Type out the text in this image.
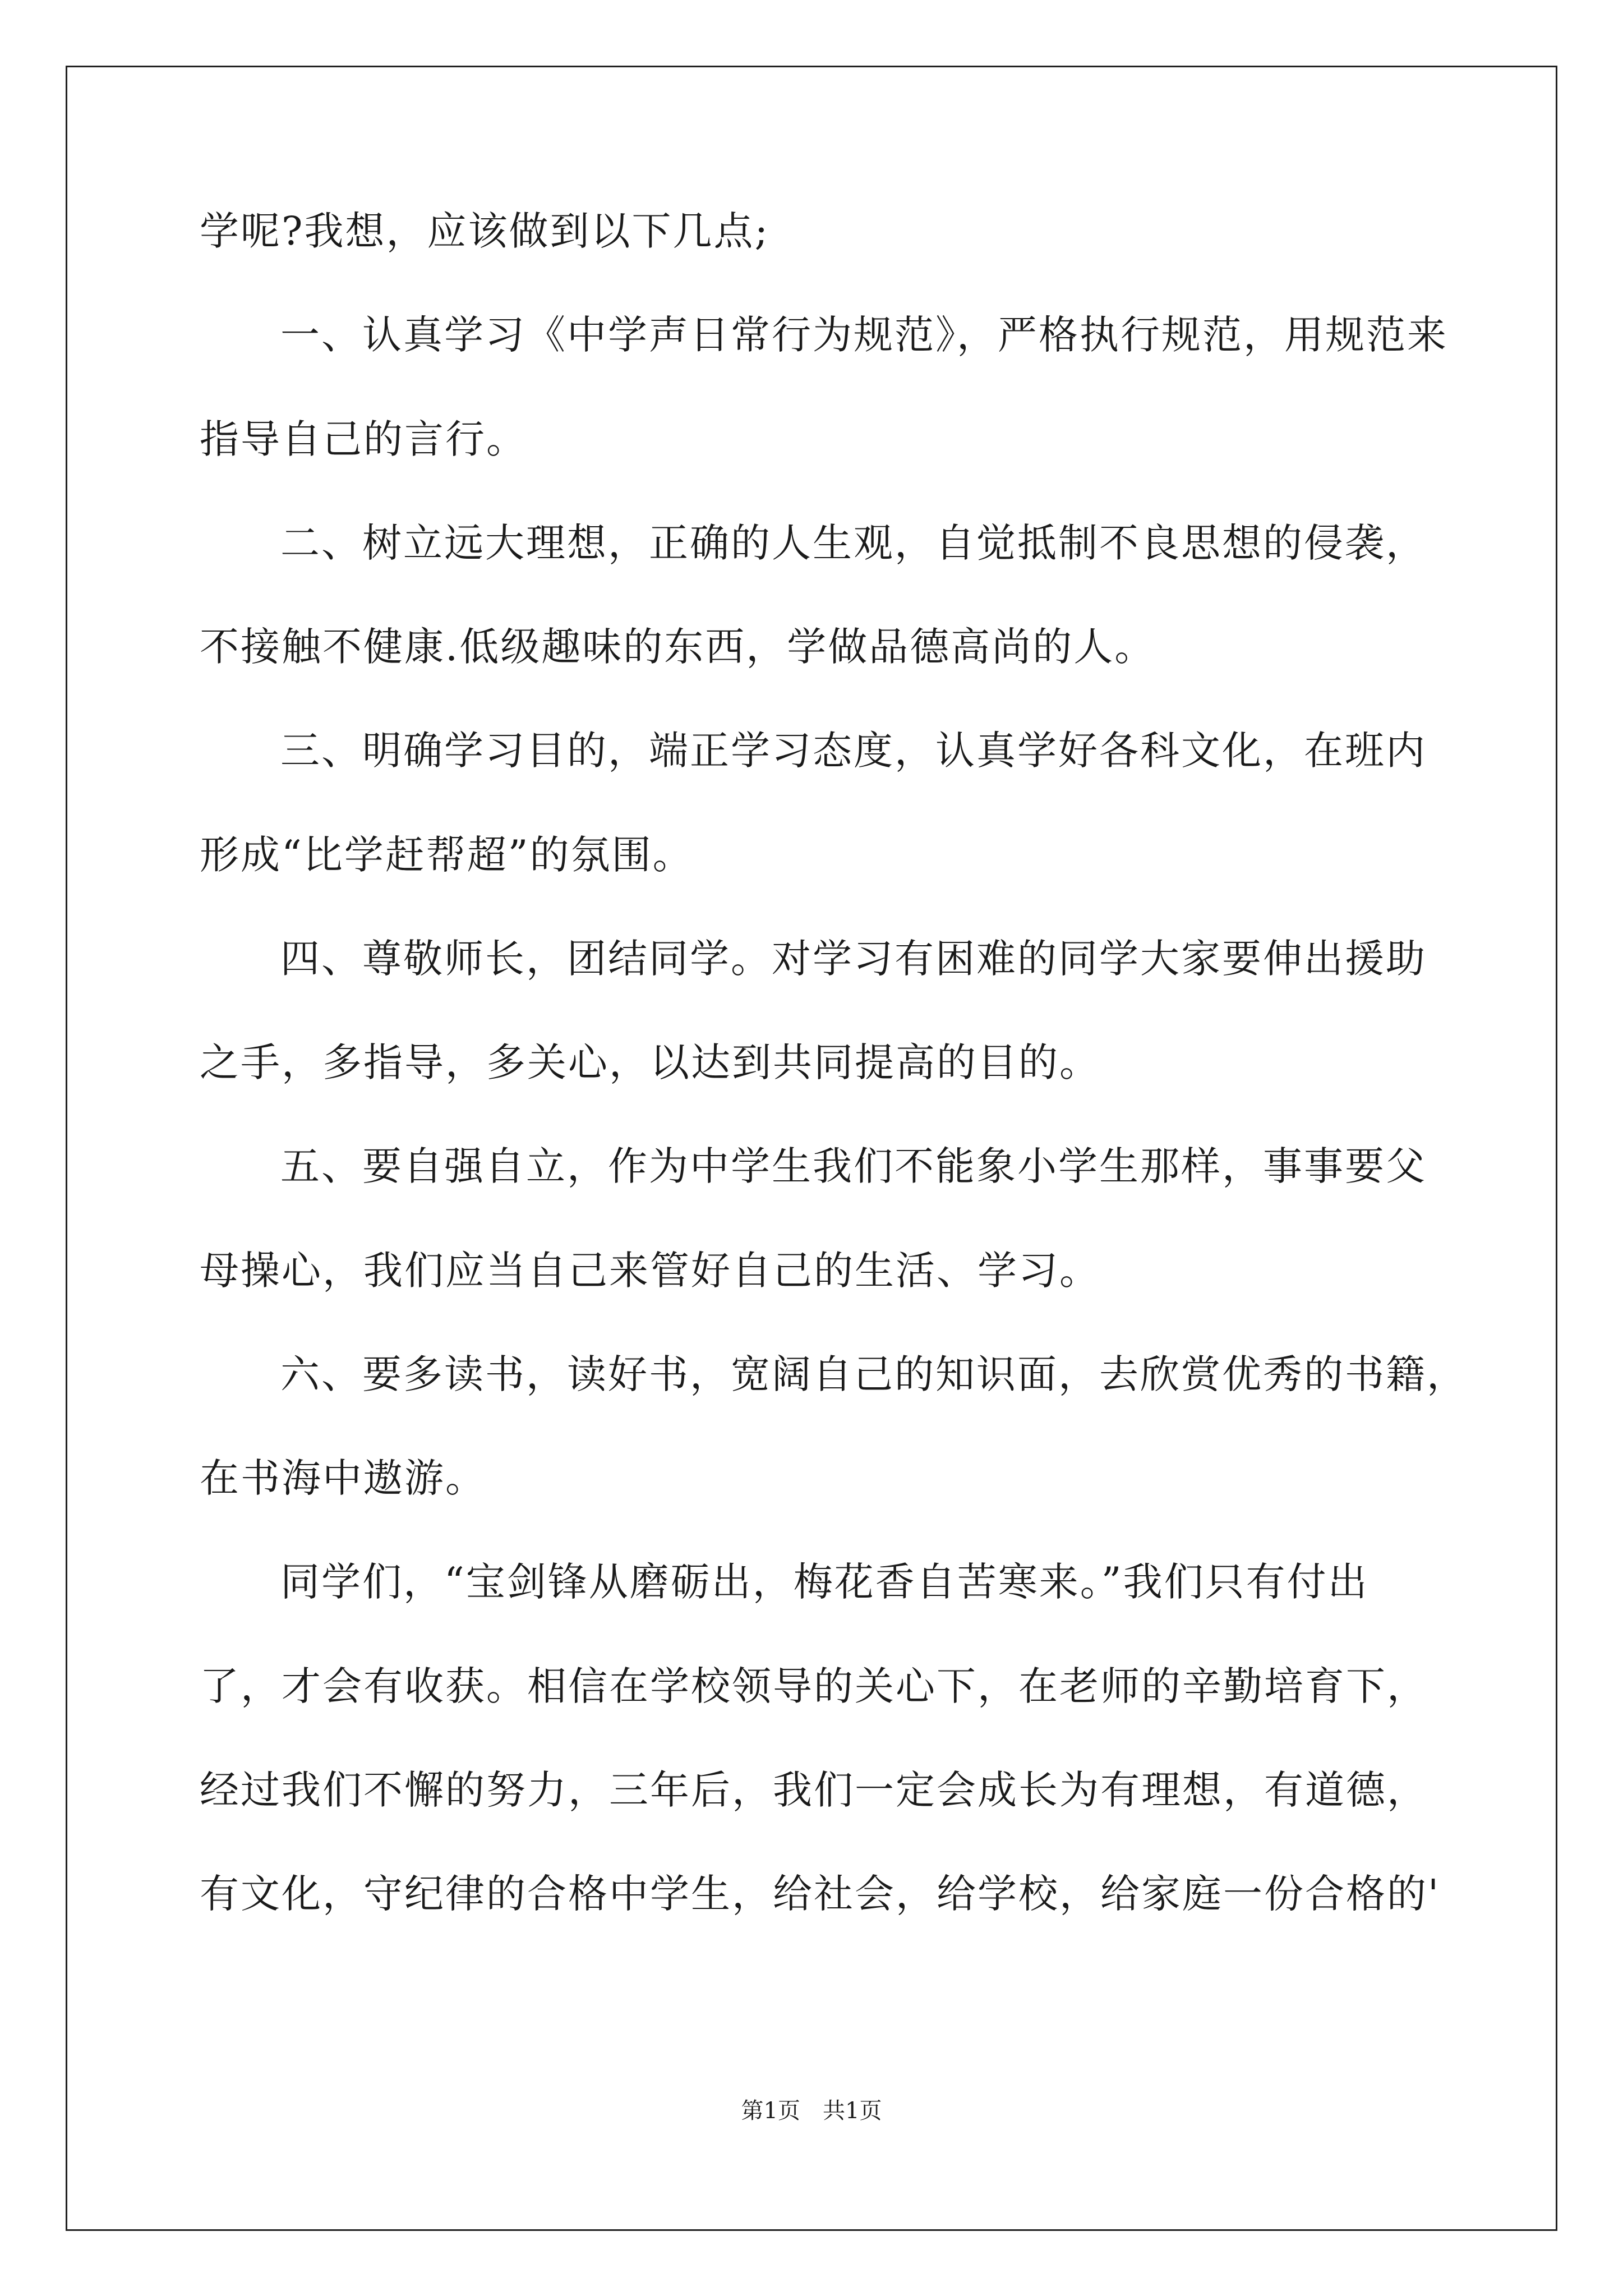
学呢?我想，应该做到以下几点;

一、认真学习《中学声日常行为规范》，严格执行规范，用规范来

指导自己的言行。

二、树立远大理想，正确的人生观，自觉抵制不良思想的侵袭，

不接触不健康.低级趣味的东西，学做品德高尚的人。

三、明确学习目的，端正学习态度，认真学好各科文化，在班内

形成“比学赶帮超”的氛围。

四、尊敬师长，团结同学。对学习有困难的同学大家要伸出援助

之手，多指导，多关心，以达到共同提高的目的。

五、要自强自立，作为中学生我们不能象小学生那样，事事要父

母操心，我们应当自己来管好自己的生活、学习。

六、要多读书，读好书，宽阔自己的知识面，去欣赏优秀的书籍，

在书海中遨游。

同学们，“宝剑锋从磨砺出，梅花香自苦寒来。”我们只有付出

了，才会有收获。相信在学校领导的关心下，在老师的辛勤培育下，

经过我们不懈的努力，三年后，我们一定会成长为有理想，有道德，

有文化，守纪律的合格中学生，给社会，给学校，给家庭一份合格的'

第1页　共1页
